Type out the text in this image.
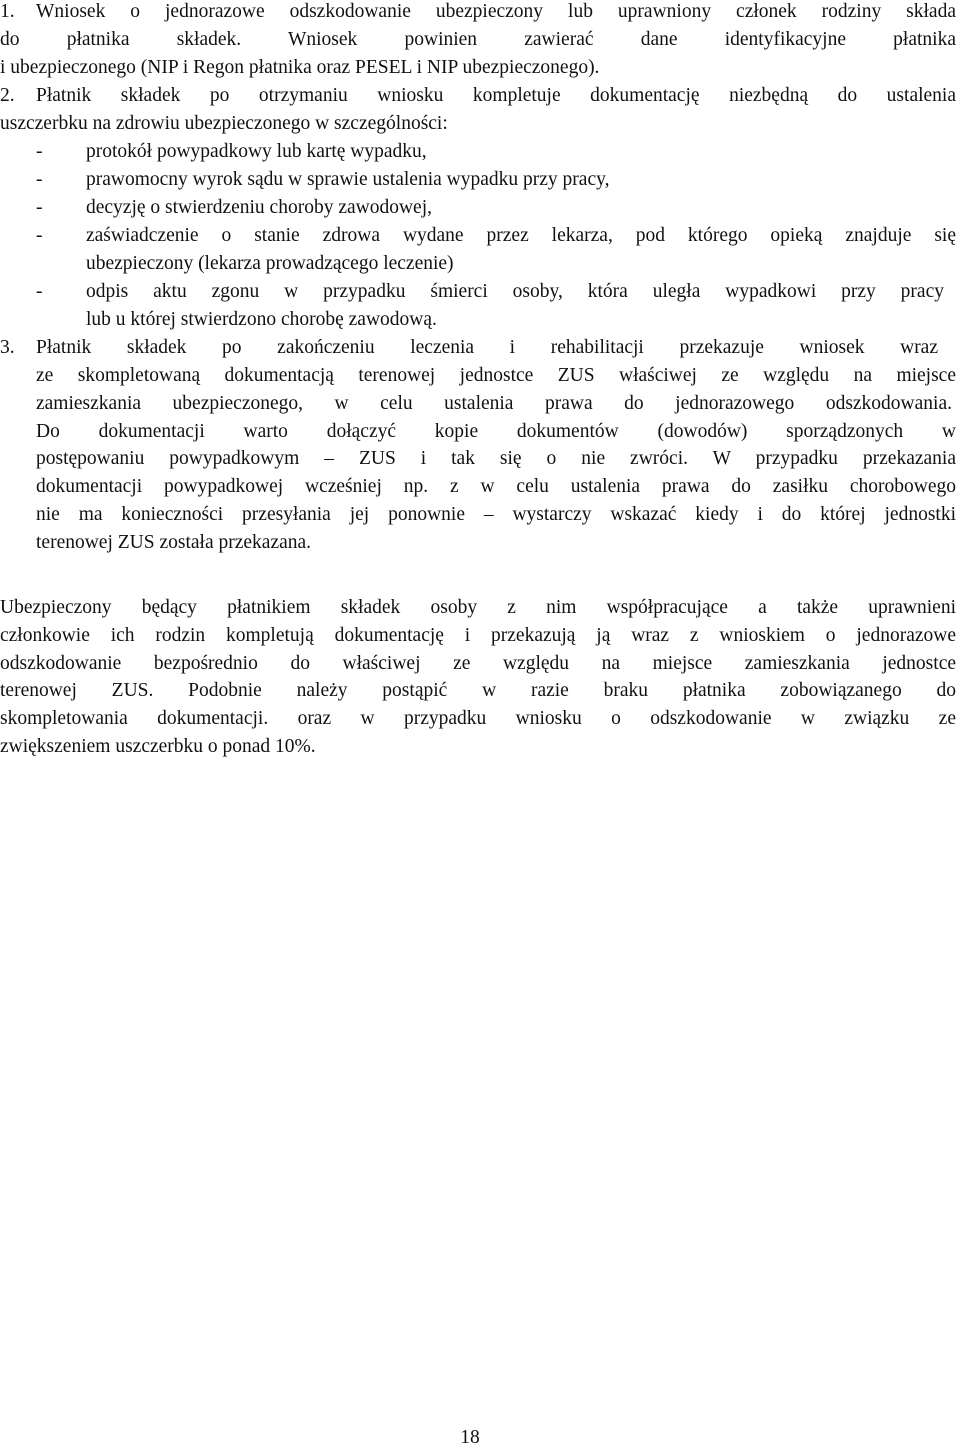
1.	Wniosek o jednorazowe odszkodowanie ubezpieczony lub uprawniony członek rodziny składa
do płatnika składek. Wniosek powinien zawierać dane identyfikacyjne płatnika
i ubezpieczonego (NIP i Regon płatnika oraz PESEL i NIP ubezpieczonego).
2.	Płatnik składek po otrzymaniu wniosku kompletuje dokumentację niezbędną do ustalenia
uszczerbku na zdrowiu ubezpieczonego w szczególności:
- protokół powypadkowy lub kartę wypadku,
- prawomocny wyrok sądu w sprawie ustalenia wypadku przy pracy,
- decyzję o stwierdzeniu choroby zawodowej,
- zaświadczenie o stanie zdrowa wydane przez lekarza, pod którego opieką znajduje się
ubezpieczony (lekarza prowadzącego leczenie)
- odpis aktu zgonu w przypadku śmierci osoby, która uległa wypadkowi przy pracy
lub u której stwierdzono chorobę zawodową.
3.	Płatnik składek po zakończeniu leczenia i rehabilitacji przekazuje wniosek wraz
ze skompletowaną dokumentacją terenowej jednostce ZUS właściwej ze względu na miejsce
zamieszkania ubezpieczonego, w celu ustalenia prawa do jednorazowego odszkodowania.
Do dokumentacji warto dołączyć kopie dokumentów (dowodów) sporządzonych w
postępowaniu powypadkowym – ZUS i tak się o nie zwróci. W przypadku przekazania
dokumentacji powypadkowej wcześniej np. z w celu ustalenia prawa do zasiłku chorobowego
nie ma konieczności przesyłania jej ponownie – wystarczy wskazać kiedy i do której jednostki
terenowej ZUS została przekazana.
Ubezpieczony będący płatnikiem składek osoby z nim współpracujące a także uprawnieni
członkowie ich rodzin kompletują dokumentację i przekazują ją wraz z wnioskiem o jednorazowe
odszkodowanie bezpośrednio do właściwej ze względu na miejsce zamieszkania jednostce
terenowej ZUS. Podobnie należy postąpić w razie braku płatnika zobowiązanego do
skompletowania dokumentacji. oraz w przypadku wniosku o odszkodowanie w związku ze
zwiększeniem uszczerbku o ponad 10%.
18
